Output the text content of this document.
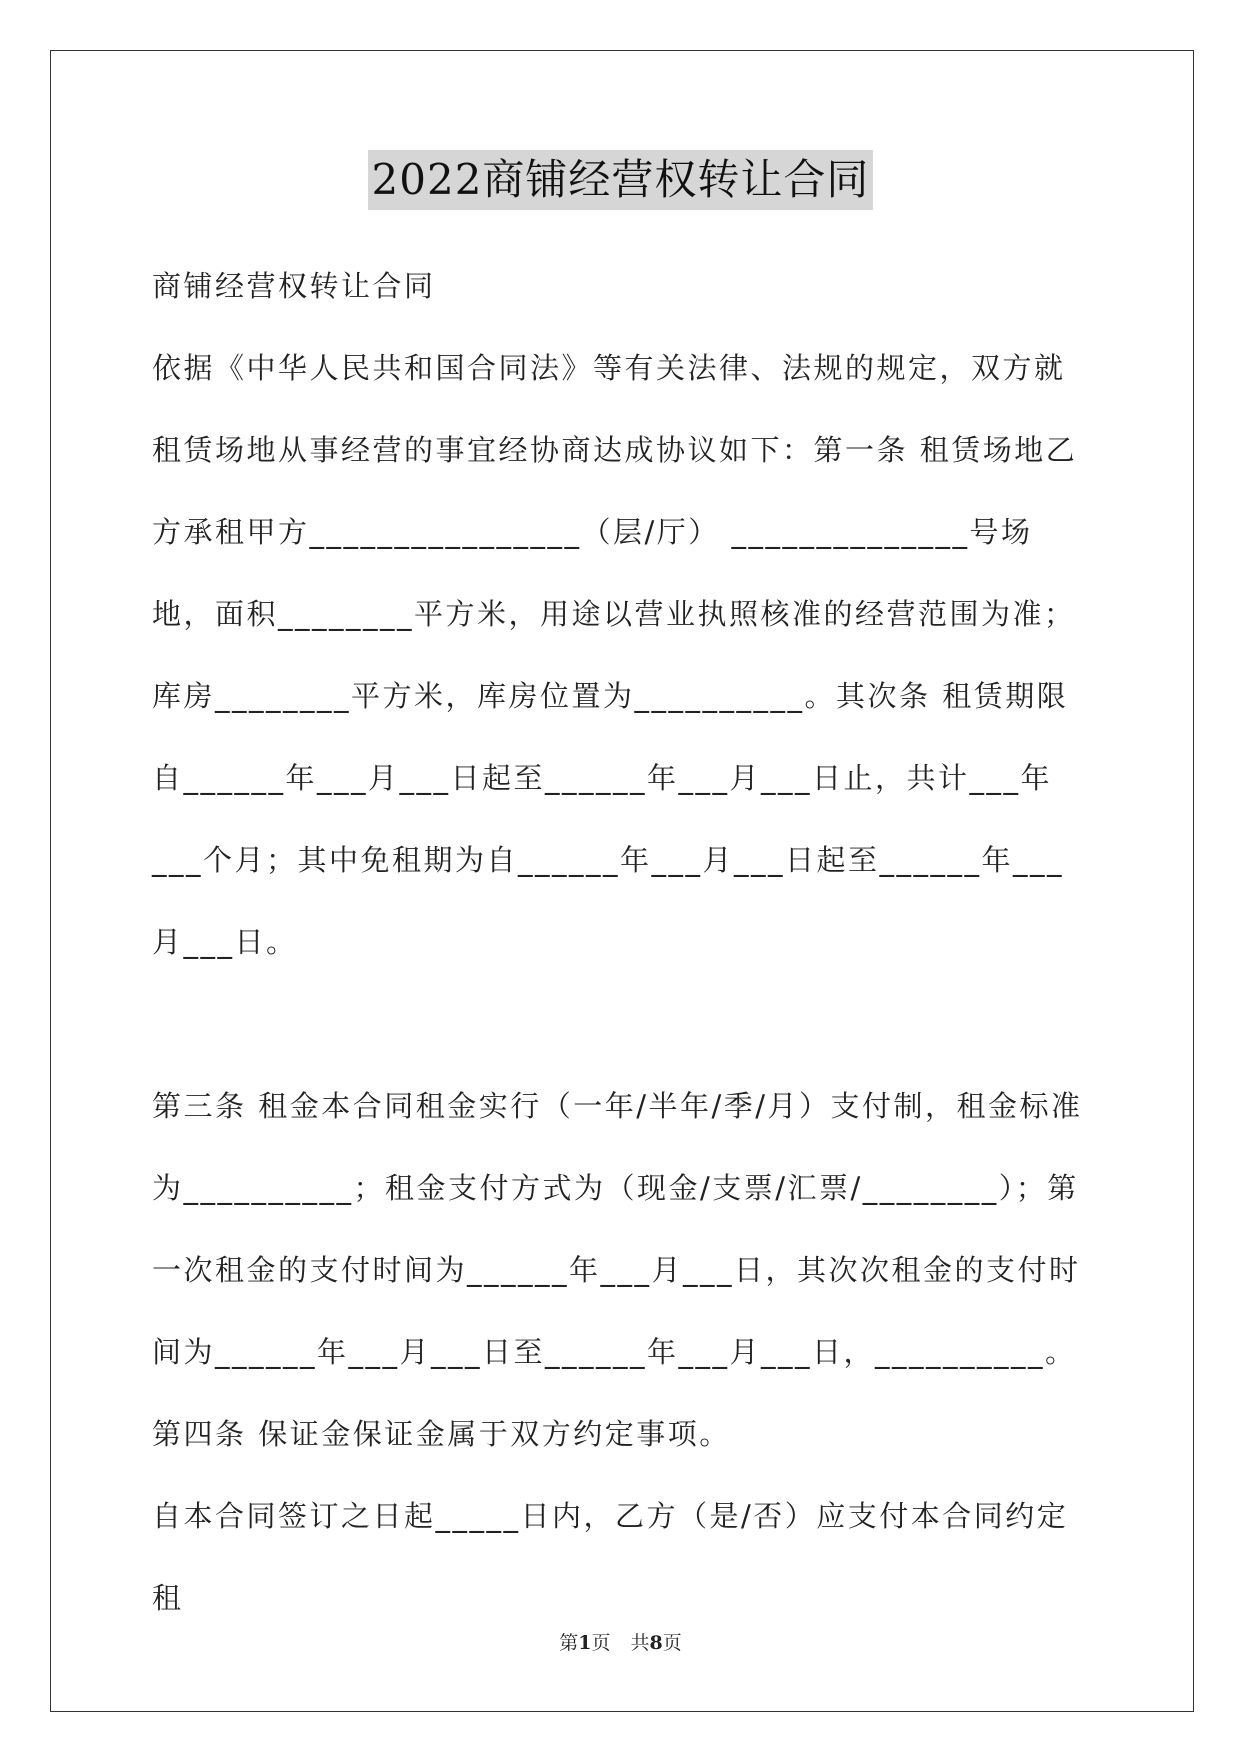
2022商铺经营权转让合同

商铺经营权转让合同

依据《中华人民共和国合同法》等有关法律、法规的规定，双方就租赁场地从事经营的事宜经协商达成协议如下：第一条 租赁场地乙方承租甲方________________（层/厅） ______________号场地，面积________平方米，用途以营业执照核准的经营范围为准；库房________平方米，库房位置为__________。其次条 租赁期限自______年___月___日起至______年___月___日止，共计___年___个月；其中免租期为自______年___月___日起至______年___月___日。

第三条 租金本合同租金实行（一年/半年/季/月）支付制，租金标准为__________；租金支付方式为（现金/支票/汇票/________）；第一次租金的支付时间为______年___月___日，其次次租金的支付时间为______年___月___日至______年___月___日，__________。第四条 保证金保证金属于双方约定事项。

自本合同签订之日起_____日内，乙方（是/否）应支付本合同约定租

第1页 共8页
